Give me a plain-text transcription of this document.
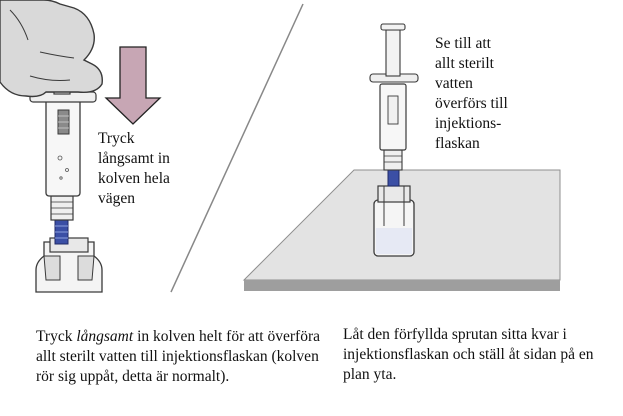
Tryck
långsamt in
kolven hela
vägen
Se till att
allt sterilt
vatten
överförs till
injektions-
flaskan
Tryck långsamt in kolven helt för att överföra allt sterilt vatten till injektionsflaskan (kolven rör sig uppåt, detta är normalt).
Låt den förfyllda sprutan sitta kvar i injektionsflaskan och ställ åt sidan på en plan yta.
